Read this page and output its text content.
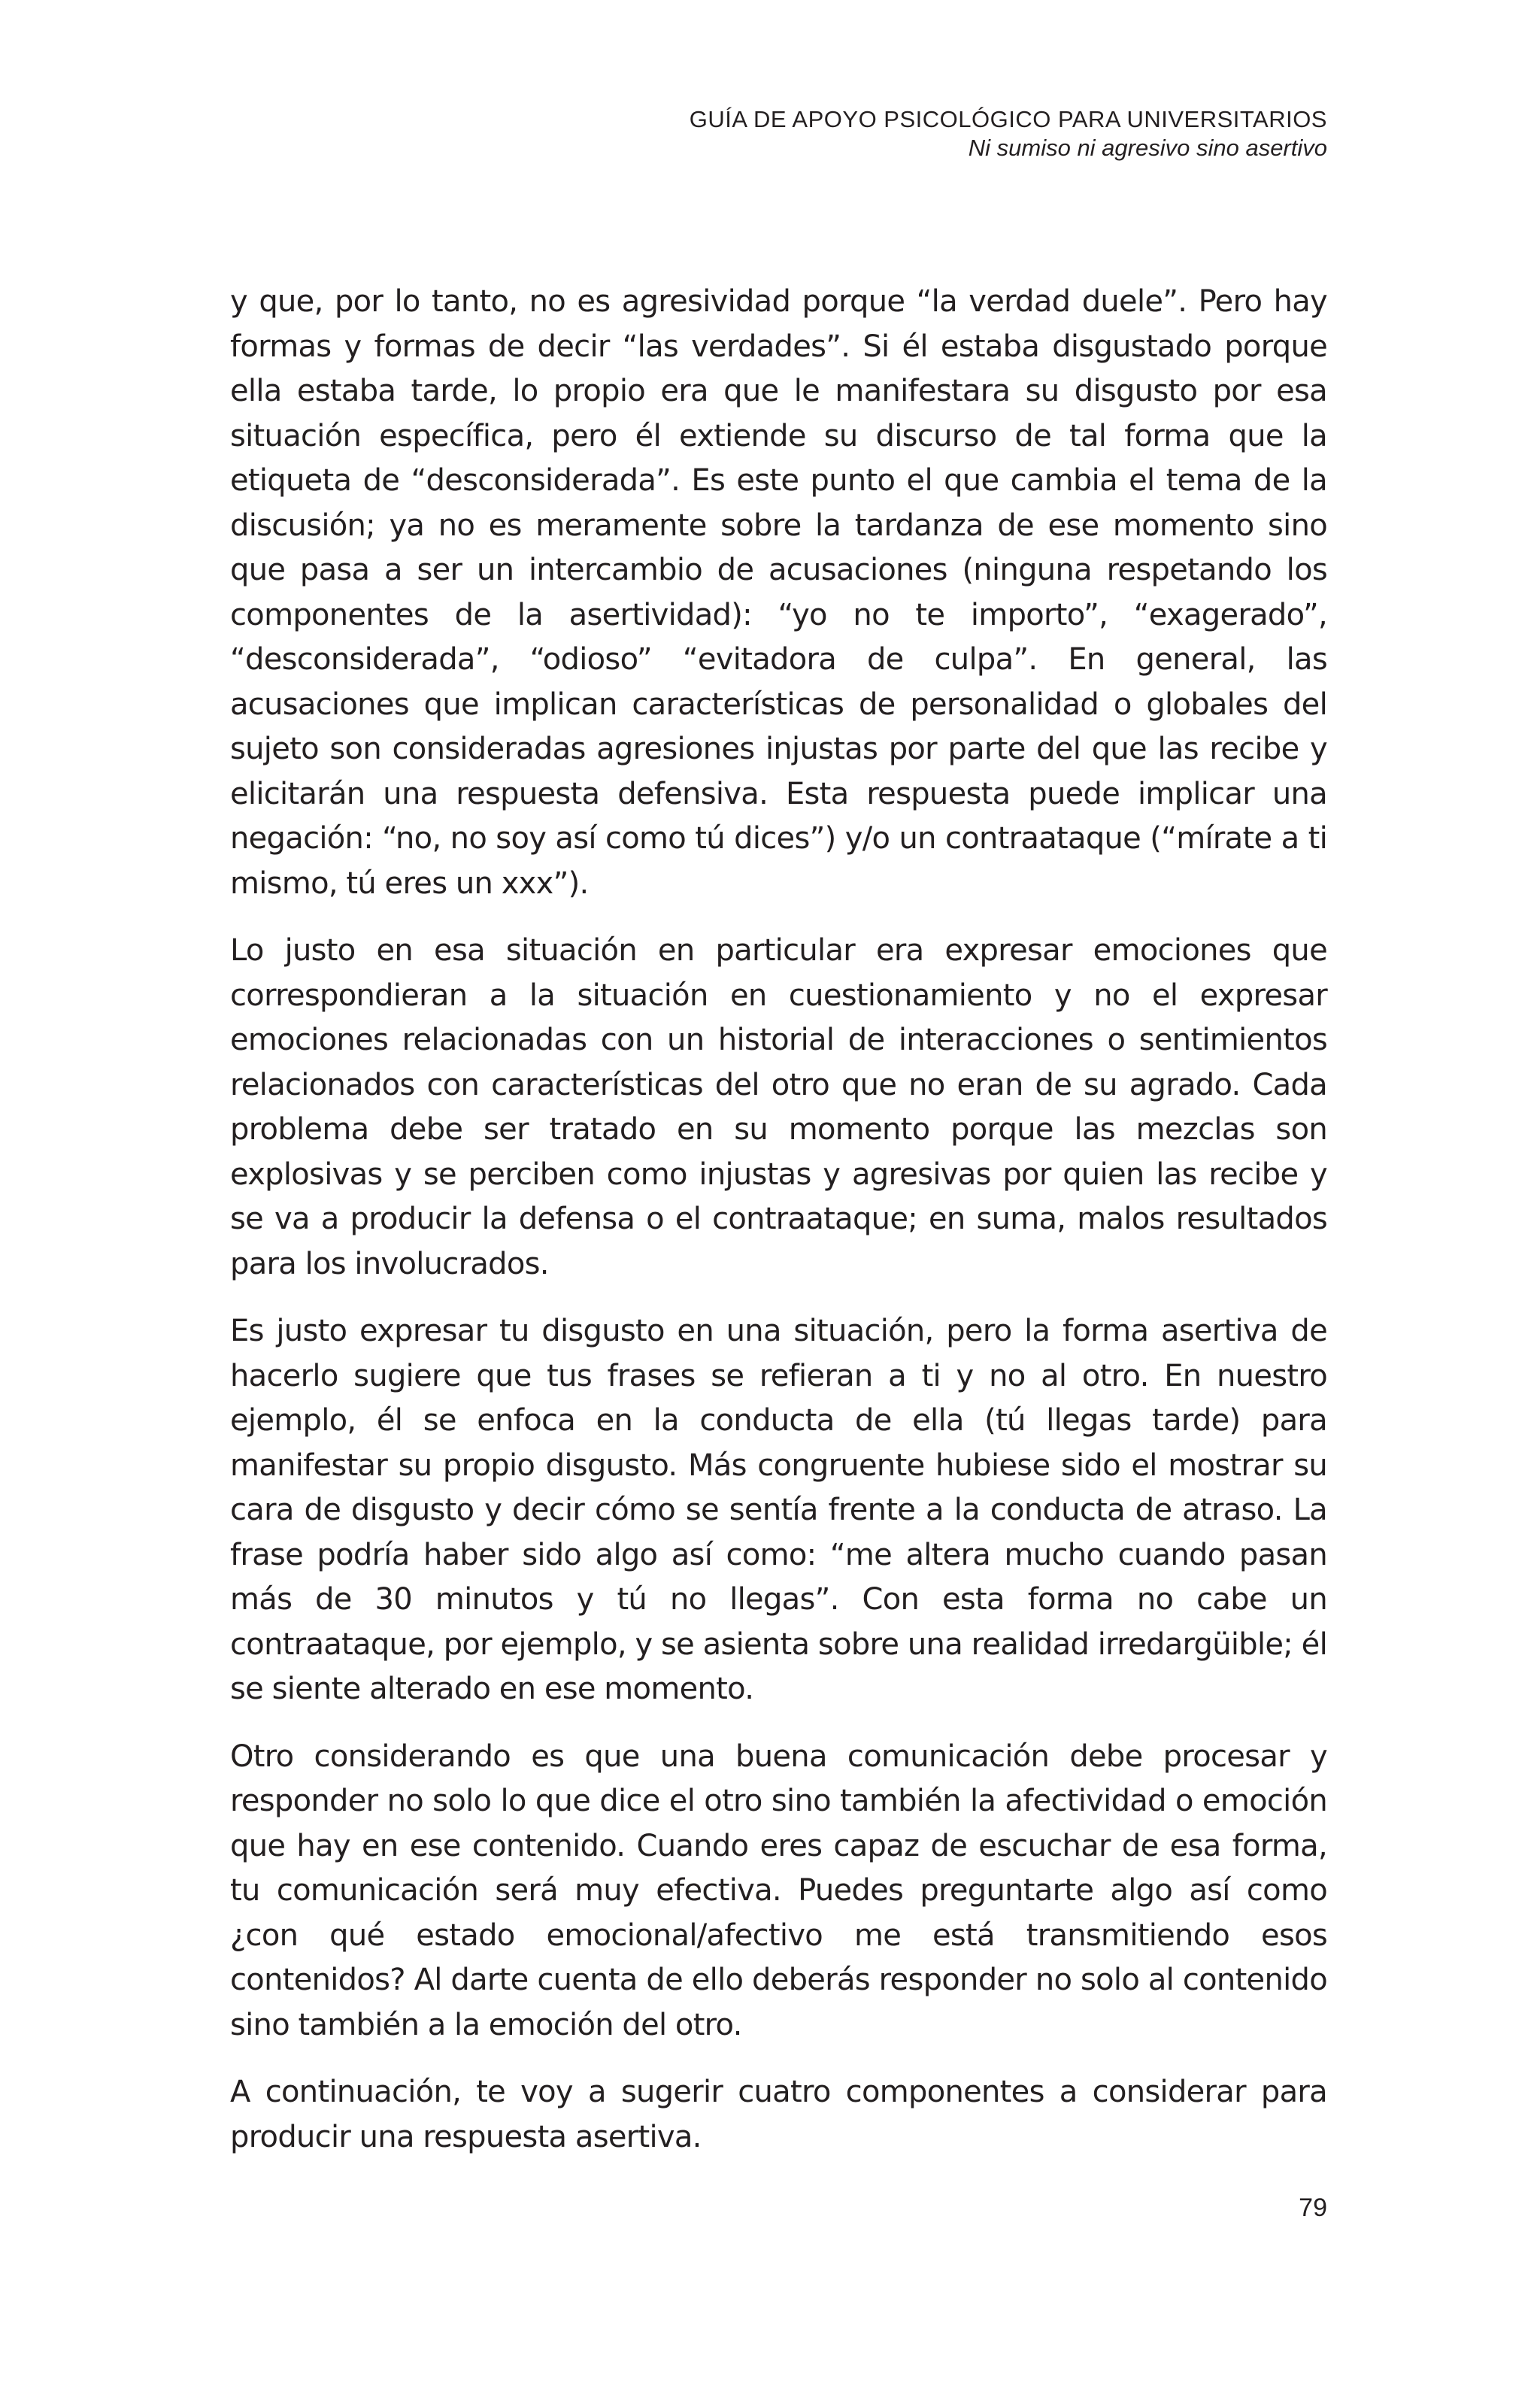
GUÍA DE APOYO PSICOLÓGICO PARA UNIVERSITARIOS
Ni sumiso ni agresivo sino asertivo

y que, por lo tanto, no es agresividad porque “la verdad duele”. Pero hay formas y formas de decir “las verdades”. Si él estaba disgustado porque ella estaba tarde, lo propio era que le manifestara su disgusto por esa situación específica, pero él extiende su discurso de tal forma que la etiqueta de “desconsiderada”. Es este punto el que cambia el tema de la discusión; ya no es meramente sobre la tardanza de ese momento sino que pasa a ser un intercambio de acusaciones (ninguna respetando los componentes de la asertividad): “yo no te importo”, “exagerado”, “desconsiderada”, “odioso” “evitadora de culpa”. En general, las acusaciones que implican características de personalidad o globales del sujeto son consideradas agresiones injustas por parte del que las recibe y elicitarán una respuesta defensiva. Esta respuesta puede implicar una negación: “no, no soy así como tú dices”) y/o un contraataque (“mírate a ti mismo, tú eres un xxx”).

Lo justo en esa situación en particular era expresar emociones que correspondieran a la situación en cuestionamiento y no el expresar emociones relacionadas con un historial de interacciones o sentimientos relacionados con características del otro que no eran de su agrado. Cada problema debe ser tratado en su momento porque las mezclas son explosivas y se perciben como injustas y agresivas por quien las recibe y se va a producir la defensa o el contraataque; en suma, malos resultados para los involucrados.

Es justo expresar tu disgusto en una situación, pero la forma asertiva de hacerlo sugiere que tus frases se refieran a ti y no al otro. En nuestro ejemplo, él se enfoca en la conducta de ella (tú llegas tarde) para manifestar su propio disgusto. Más congruente hubiese sido el mostrar su cara de disgusto y decir cómo se sentía frente a la conducta de atraso. La frase podría haber sido algo así como: “me altera mucho cuando pasan más de 30 minutos y tú no llegas”. Con esta forma no cabe un contraataque, por ejemplo, y se asienta sobre una realidad irredargüible; él se siente alterado en ese momento.

Otro considerando es que una buena comunicación debe procesar y responder no solo lo que dice el otro sino también la afectividad o emoción que hay en ese contenido. Cuando eres capaz de escuchar de esa forma, tu comunicación será muy efectiva. Puedes preguntarte algo así como ¿con qué estado emocional/afectivo me está transmitiendo esos contenidos? Al darte cuenta de ello deberás responder no solo al contenido sino también a la emoción del otro.

A continuación, te voy a sugerir cuatro componentes a considerar para producir una respuesta asertiva.

79
